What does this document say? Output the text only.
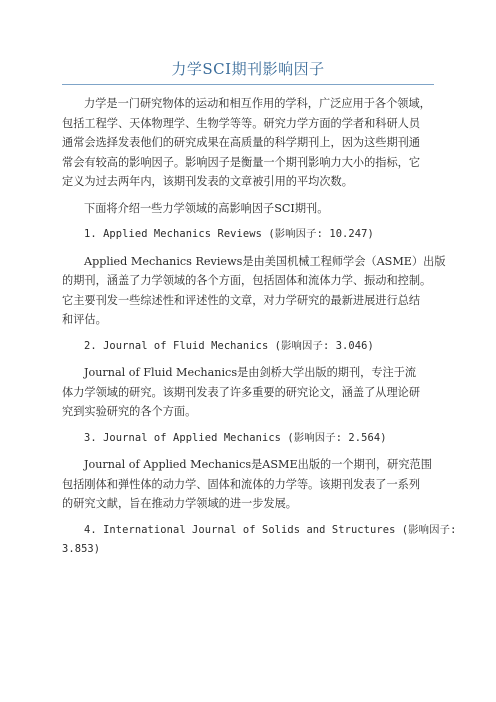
力学SCI期刊影响因子

力学是一门研究物体的运动和相互作用的学科，广泛应用于各个领域，
包括工程学、天体物理学、生物学等等。研究力学方面的学者和科研人员
通常会选择发表他们的研究成果在高质量的科学期刊上，因为这些期刊通
常会有较高的影响因子。影响因子是衡量一个期刊影响力大小的指标，它
定义为过去两年内，该期刊发表的文章被引用的平均次数。

下面将介绍一些力学领域的高影响因子SCI期刊。

1. Applied Mechanics Reviews (影响因子: 10.247)

Applied Mechanics Reviews是由美国机械工程师学会（ASME）出版
的期刊，涵盖了力学领域的各个方面，包括固体和流体力学、振动和控制。
它主要刊发一些综述性和评述性的文章，对力学研究的最新进展进行总结
和评估。

2. Journal of Fluid Mechanics (影响因子: 3.046)

Journal of Fluid Mechanics是由剑桥大学出版的期刊，专注于流
体力学领域的研究。该期刊发表了许多重要的研究论文，涵盖了从理论研
究到实验研究的各个方面。

3. Journal of Applied Mechanics (影响因子: 2.564)

Journal of Applied Mechanics是ASME出版的一个期刊，研究范围
包括刚体和弹性体的动力学、固体和流体的力学等。该期刊发表了一系列
的研究文献，旨在推动力学领域的进一步发展。

4. International Journal of Solids and Structures (影响因子:
3.853)
